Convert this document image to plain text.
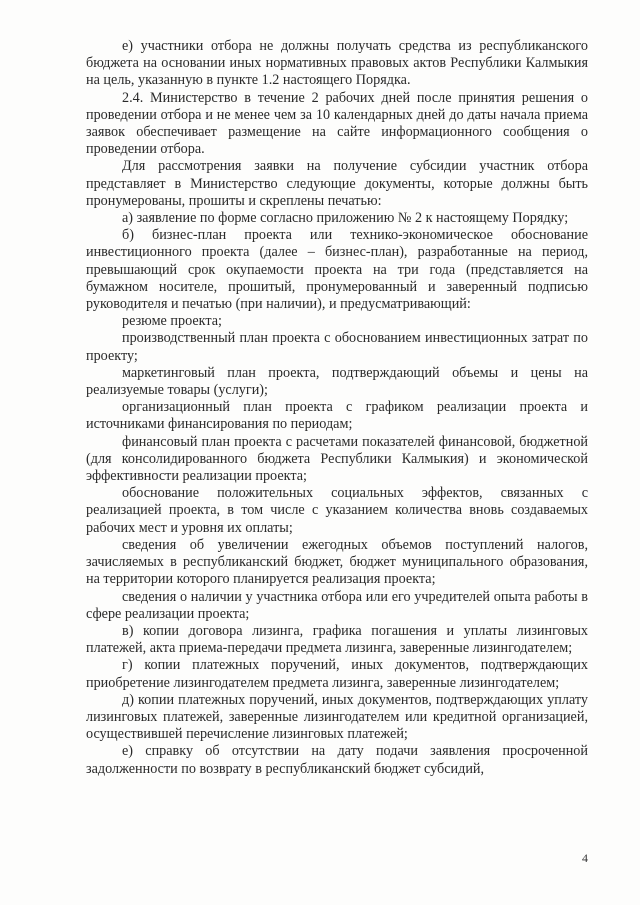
е) участники отбора не должны получать средства из республиканского бюджета на основании иных нормативных правовых актов Республики Калмыкия на цель, указанную в пункте 1.2 настоящего Порядка.

2.4. Министерство в течение 2 рабочих дней после принятия решения о проведении отбора и не менее чем за 10 календарных дней до даты начала приема заявок обеспечивает размещение на сайте информационного сообщения о проведении отбора.

Для рассмотрения заявки на получение субсидии участник отбора представляет в Министерство следующие документы, которые должны быть пронумерованы, прошиты и скреплены печатью:

а) заявление по форме согласно приложению № 2 к настоящему Порядку;

б) бизнес-план проекта или технико-экономическое обоснование инвестиционного проекта (далее – бизнес-план), разработанные на период, превышающий срок окупаемости проекта на три года (представляется на бумажном носителе, прошитый, пронумерованный и заверенный подписью руководителя и печатью (при наличии), и предусматривающий:

резюме проекта;

производственный план проекта с обоснованием инвестиционных затрат по проекту;

маркетинговый план проекта, подтверждающий объемы и цены на реализуемые товары (услуги);

организационный план проекта с графиком реализации проекта и источниками финансирования по периодам;

финансовый план проекта с расчетами показателей финансовой, бюджетной (для консолидированного бюджета Республики Калмыкия) и экономической эффективности реализации проекта;

обоснование положительных социальных эффектов, связанных с реализацией проекта, в том числе с указанием количества вновь создаваемых рабочих мест и уровня их оплаты;

сведения об увеличении ежегодных объемов поступлений налогов, зачисляемых в республиканский бюджет, бюджет муниципального образования, на территории которого планируется реализация проекта;

сведения о наличии у участника отбора или его учредителей опыта работы в сфере реализации проекта;

в) копии договора лизинга, графика погашения и уплаты лизинговых платежей, акта приема-передачи предмета лизинга, заверенные лизингодателем;

г) копии платежных поручений, иных документов, подтверждающих приобретение лизингодателем предмета лизинга, заверенные лизингодателем;

д) копии платежных поручений, иных документов, подтверждающих уплату лизинговых платежей, заверенные лизингодателем или кредитной организацией, осуществившей перечисление лизинговых платежей;

е) справку об отсутствии на дату подачи заявления просроченной задолженности по возврату в республиканский бюджет субсидий,

4
